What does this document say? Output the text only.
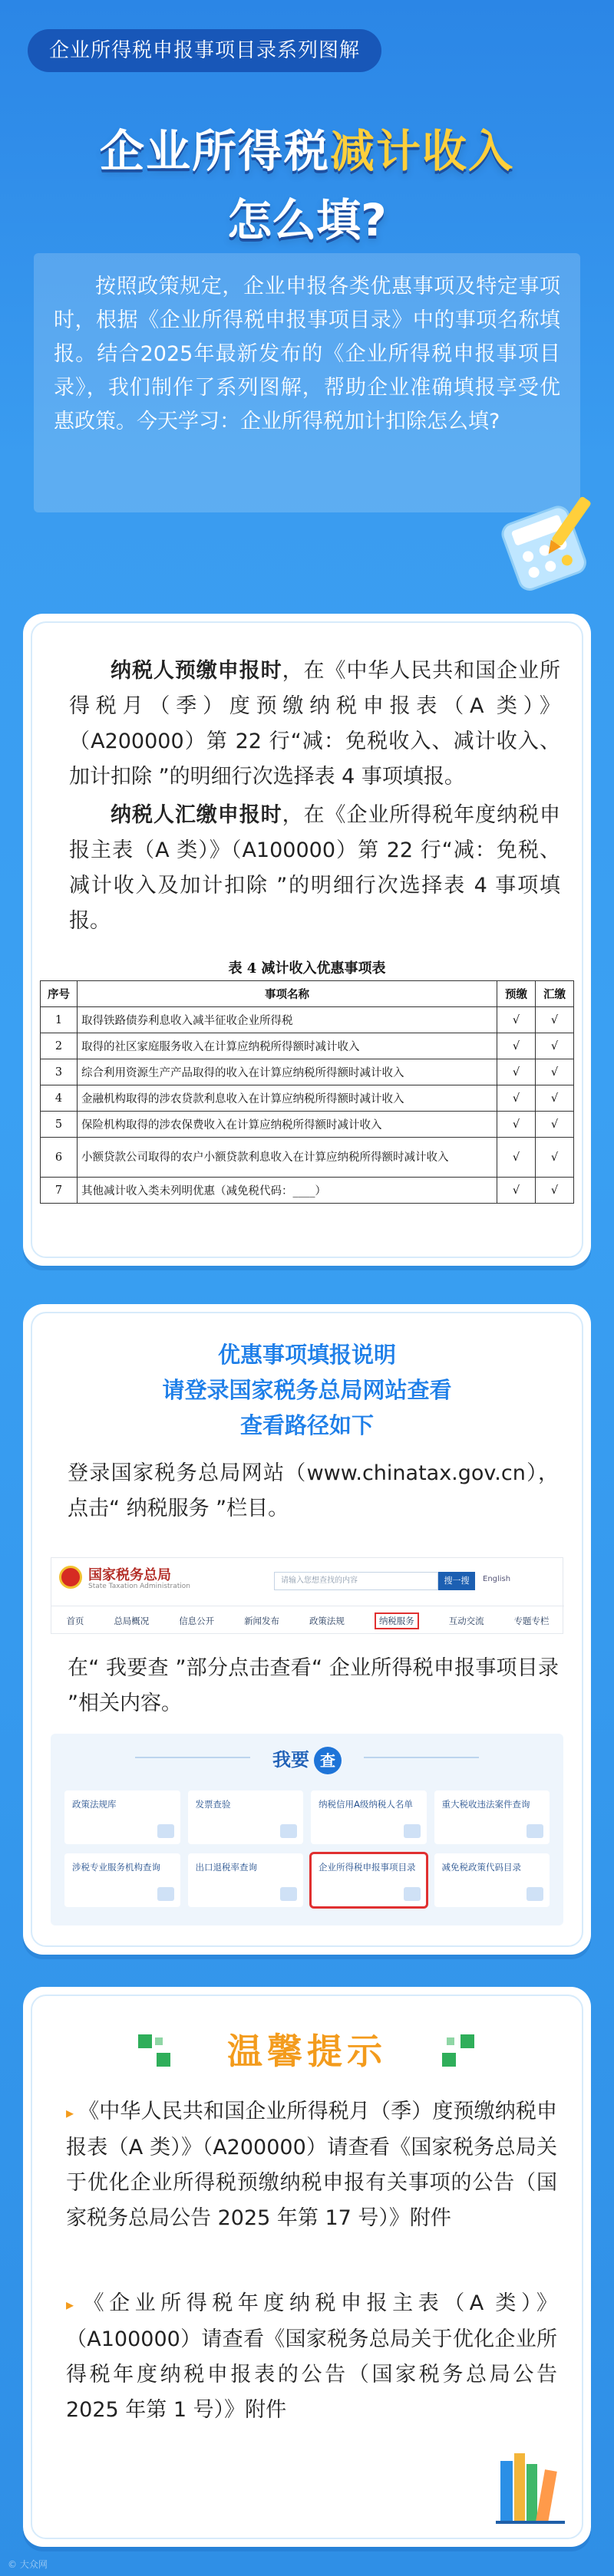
企业所得税申报事项目录系列图解
企业所得税减计收入
怎么填?
按照政策规定，企业申报各类优惠事项及特定事项时，根据《企业所得税申报事项目录》中的事项名称填报。结合2025年最新发布的《企业所得税申报事项目录》，我们制作了系列图解，帮助企业准确填报享受优惠政策。今天学习：企业所得税加计扣除怎么填?
纳税人预缴申报时，在《中华人民共和国企业所得税月（季）度预缴纳税申报表（A 类）》（A200000）第 22 行“减：免税收入、减计收入、加计扣除 ”的明细行次选择表 4 事项填报。
纳税人汇缴申报时，在《企业所得税年度纳税申报主表（A 类）》（A100000）第 22 行“减：免税、减计收入及加计扣除 ”的明细行次选择表 4 事项填报。
表 4 减计收入优惠事项表
序号	事项名称	预缴	汇缴
1	取得铁路债券利息收入减半征收企业所得税	√	√
2	取得的社区家庭服务收入在计算应纳税所得额时减计收入	√	√
3	综合利用资源生产产品取得的收入在计算应纳税所得额时减计收入	√	√
4	金融机构取得的涉农贷款利息收入在计算应纳税所得额时减计收入	√	√
5	保险机构取得的涉农保费收入在计算应纳税所得额时减计收入	√	√
6	小额贷款公司取得的农户小额贷款利息收入在计算应纳税所得额时减计收入	√	√
7	其他减计收入类未列明优惠（减免税代码：____）	√	√
优惠事项填报说明
请登录国家税务总局网站查看
查看路径如下
登录国家税务总局网站（www.chinatax.gov.cn），点击“ 纳税服务 ”栏目。
国家税务总局
State Taxation Administration
请输入您想查找的内容	搜一搜	English
首页	总局概况	信息公开	新闻发布	政策法规	纳税服务	互动交流	专题专栏
在“ 我要查 ”部分点击查看“ 企业所得税申报事项目录 ”相关内容。
我要 查
政策法规库	发票查验	纳税信用A级纳税人名单	重大税收违法案件查询
涉税专业服务机构查询	出口退税率查询	企业所得税申报事项目录	减免税政策代码目录
温馨提示
▸ 《中华人民共和国企业所得税月（季）度预缴纳税申报表（A 类）》（A200000）请查看《国家税务总局关于优化企业所得税预缴纳税申报有关事项的公告（国家税务总局公告 2025 年第 17 号）》附件
▸ 《企业所得税年度纳税申报主表（A 类）》（A100000）请查看《国家税务总局关于优化企业所得税年度纳税申报表的公告（国家税务总局公告 2025 年第 1 号）》附件
© 大众网
